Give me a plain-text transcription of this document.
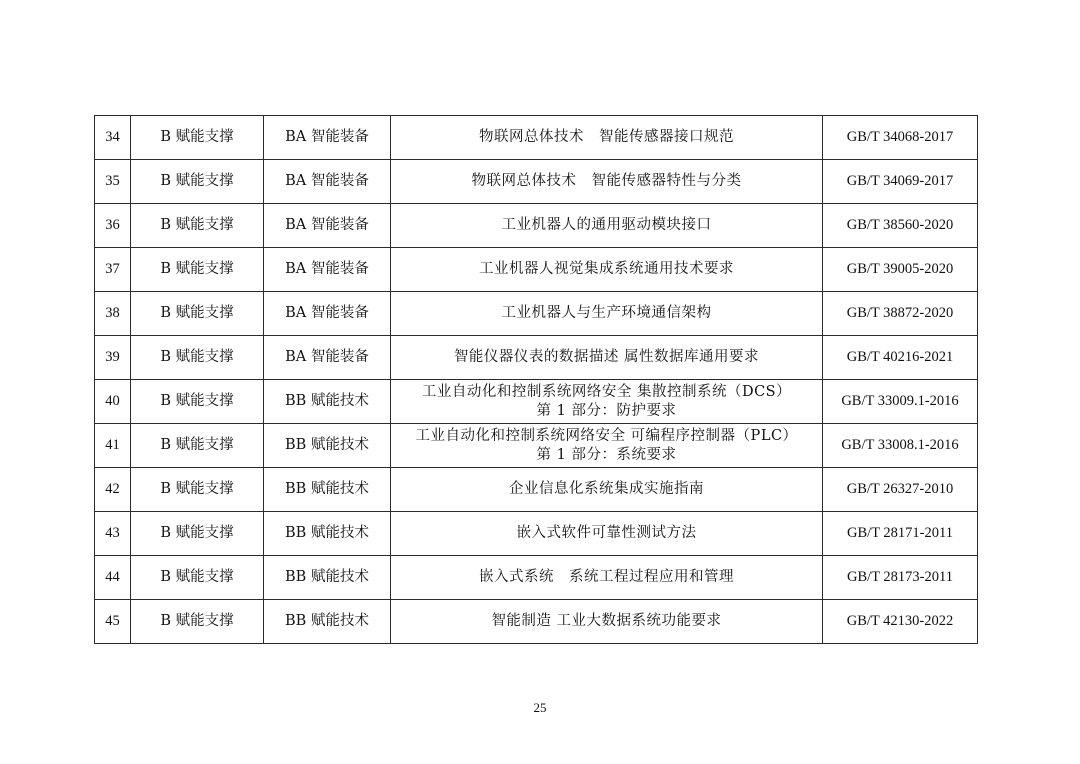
34	B 赋能支撑	BA 智能装备	物联网总体技术　智能传感器接口规范	GB/T 34068-2017
35	B 赋能支撑	BA 智能装备	物联网总体技术　智能传感器特性与分类	GB/T 34069-2017
36	B 赋能支撑	BA 智能装备	工业机器人的通用驱动模块接口	GB/T 38560-2020
37	B 赋能支撑	BA 智能装备	工业机器人视觉集成系统通用技术要求	GB/T 39005-2020
38	B 赋能支撑	BA 智能装备	工业机器人与生产环境通信架构	GB/T 38872-2020
39	B 赋能支撑	BA 智能装备	智能仪器仪表的数据描述 属性数据库通用要求	GB/T 40216-2021
40	B 赋能支撑	BB 赋能技术	工业自动化和控制系统网络安全 集散控制系统（DCS）
第 1 部分：防护要求	GB/T 33009.1-2016
41	B 赋能支撑	BB 赋能技术	工业自动化和控制系统网络安全 可编程序控制器（PLC）
第 1 部分：系统要求	GB/T 33008.1-2016
42	B 赋能支撑	BB 赋能技术	企业信息化系统集成实施指南	GB/T 26327-2010
43	B 赋能支撑	BB 赋能技术	嵌入式软件可靠性测试方法	GB/T 28171-2011
44	B 赋能支撑	BB 赋能技术	嵌入式系统　系统工程过程应用和管理	GB/T 28173-2011
45	B 赋能支撑	BB 赋能技术	智能制造 工业大数据系统功能要求	GB/T 42130-2022
25
